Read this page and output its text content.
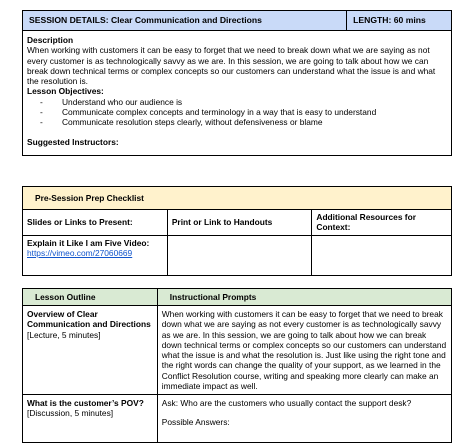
SESSION DETAILS: Clear Communication and Directions	LENGTH: 60 mins

Description
When working with customers it can be easy to forget that we need to break down what we are saying as not every customer is as technologically savvy as we are. In this session, we are going to talk about how we can break down technical terms or complex concepts so our customers can understand what the issue is and what the resolution is.
Lesson Objectives:
- Understand who our audience is
- Communicate complex concepts and terminology in a way that is easy to understand
- Communicate resolution steps clearly, without defensiveness or blame
Suggested Instructors:
Pre-Session Prep Checklist		
Slides or Links to Present:	Print or Link to Handouts	Additional Resources for Context:

Explain it Like I am Five Video:
https://vimeo.com/27060669		
Lesson Outline	Instructional Prompts

Overview of Clear Communication and Directions
[Lecture, 5 minutes]	When working with customers it can be easy to forget that we need to break down what we are saying as not every customer is as technologically savvy as we are. In this session, we are going to talk about how we can break down technical terms or complex concepts so our customers can understand what the issue is and what the resolution is. Just like using the right tone and the right words can change the quality of your support, as we learned in the Conflict Resolution course, writing and speaking more clearly can make an immediate impact as well.

What is the customer’s POV?
[Discussion, 5 minutes]	Ask: Who are the customers who usually contact the support desk?
Possible Answers:
